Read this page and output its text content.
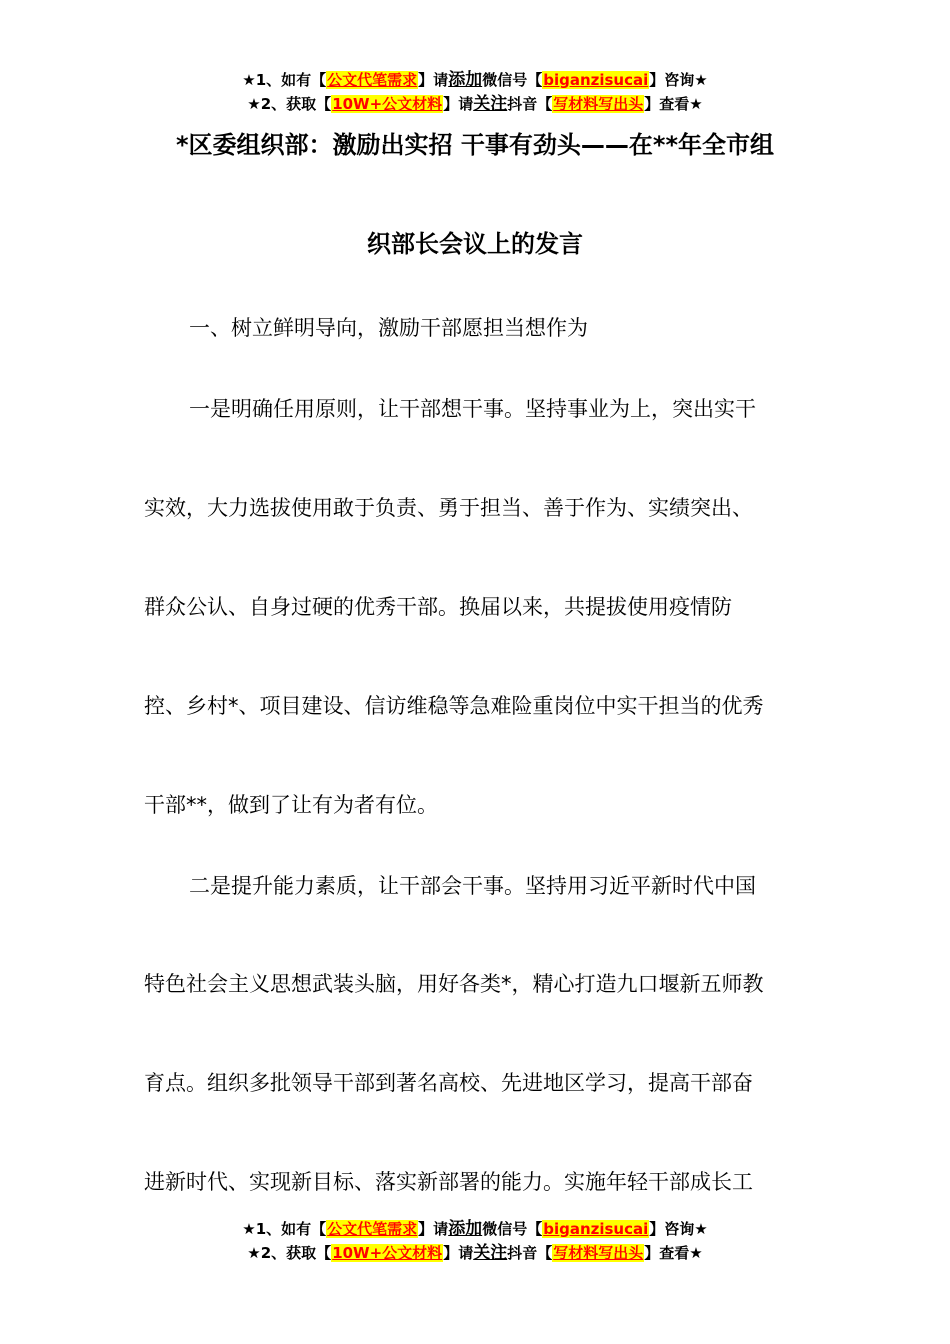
★1、如有【公文代笔需求】请添加微信号【biganzisucai】咨询★
★2、获取【10W+公文材料】请关注抖音【写材料写出头】查看★
*区委组织部：激励出实招 干事有劲头——在**年全市组
织部长会议上的发言
一、树立鲜明导向，激励干部愿担当想作为
一是明确任用原则，让干部想干事。坚持事业为上，突出实干
实效，大力选拔使用敢于负责、勇于担当、善于作为、实绩突出、
群众公认、自身过硬的优秀干部。换届以来，共提拔使用疫情防
控、乡村*、项目建设、信访维稳等急难险重岗位中实干担当的优秀
干部**，做到了让有为者有位。
二是提升能力素质，让干部会干事。坚持用习近平新时代中国
特色社会主义思想武装头脑，用好各类*，精心打造九口堰新五师教
育点。组织多批领导干部到著名高校、先进地区学习，提高干部奋
进新时代、实现新目标、落实新部署的能力。实施年轻干部成长工
★1、如有【公文代笔需求】请添加微信号【biganzisucai】咨询★
★2、获取【10W+公文材料】请关注抖音【写材料写出头】查看★
